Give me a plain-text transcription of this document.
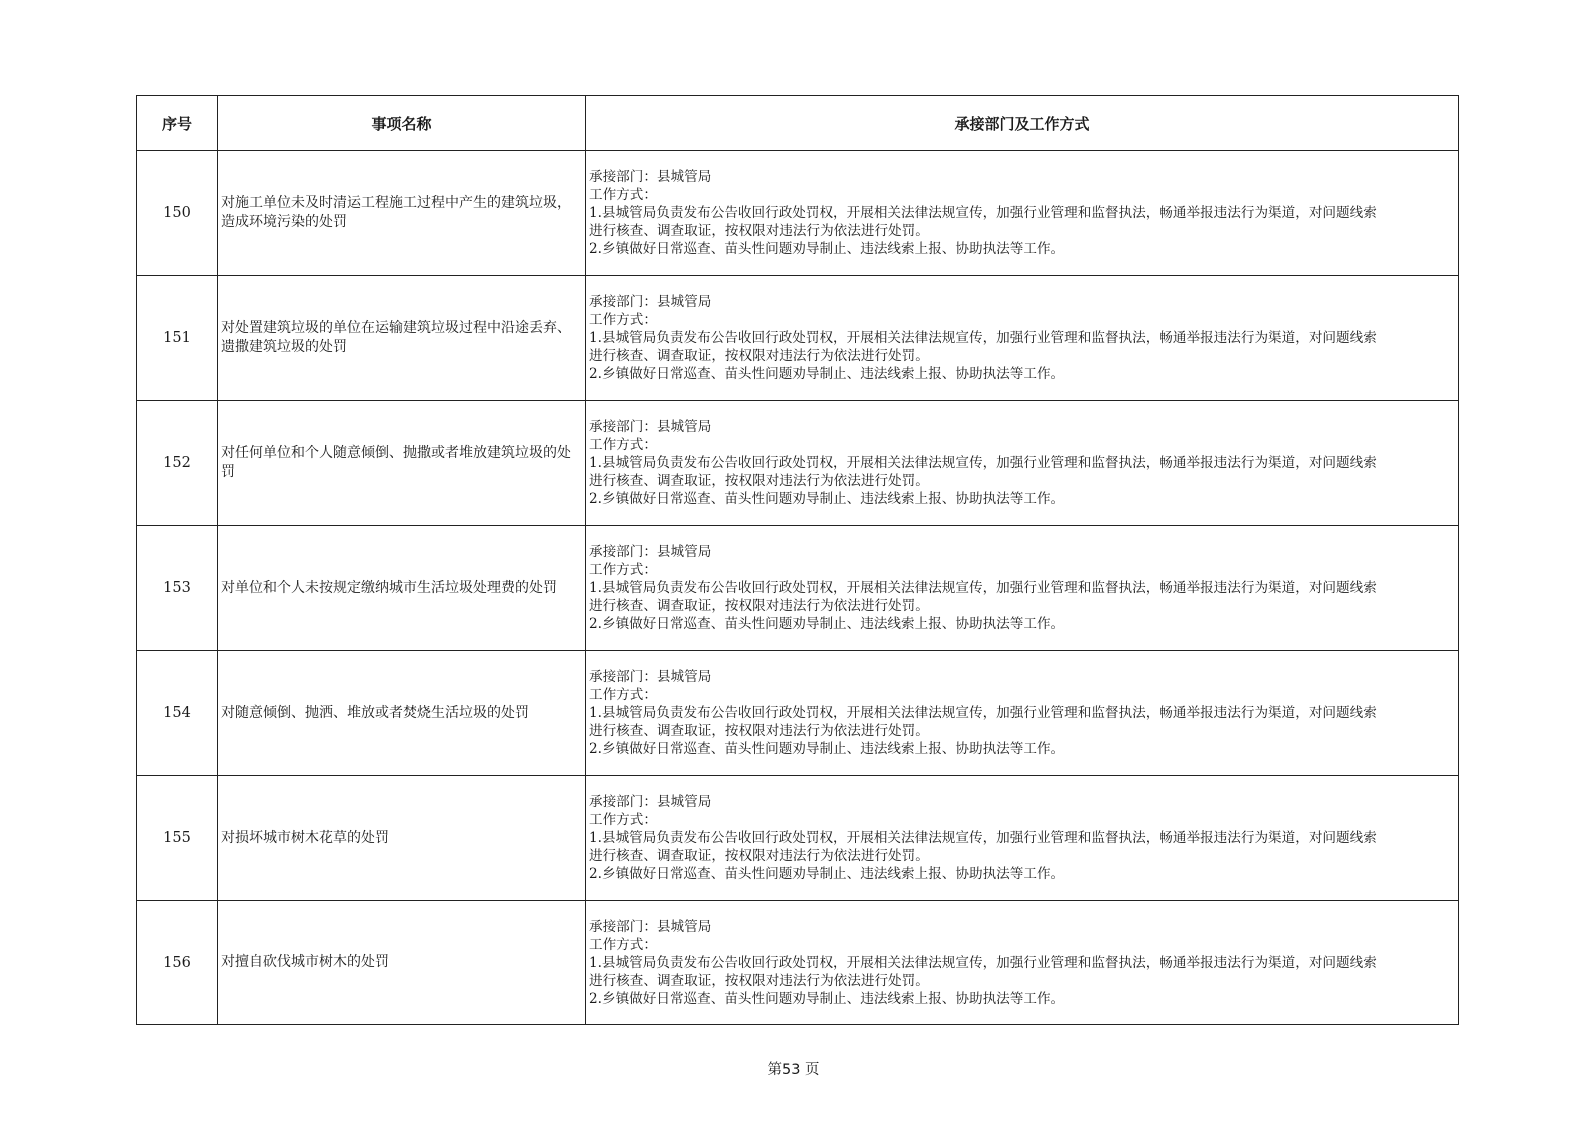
序号	事项名称	承接部门及工作方式
150	对施工单位未及时清运工程施工过程中产生的建筑垃圾，造成环境污染的处罚	承接部门：县城管局
工作方式：
1.县城管局负责发布公告收回行政处罚权，开展相关法律法规宣传，加强行业管理和监督执法，畅通举报违法行为渠道，对问题线索
进行核查、调查取证，按权限对违法行为依法进行处罚。
2.乡镇做好日常巡查、苗头性问题劝导制止、违法线索上报、协助执法等工作。

151	对处置建筑垃圾的单位在运输建筑垃圾过程中沿途丢弃、遗撒建筑垃圾的处罚	承接部门：县城管局
工作方式：
1.县城管局负责发布公告收回行政处罚权，开展相关法律法规宣传，加强行业管理和监督执法，畅通举报违法行为渠道，对问题线索
进行核查、调查取证，按权限对违法行为依法进行处罚。
2.乡镇做好日常巡查、苗头性问题劝导制止、违法线索上报、协助执法等工作。

152	对任何单位和个人随意倾倒、抛撒或者堆放建筑垃圾的处罚	承接部门：县城管局
工作方式：
1.县城管局负责发布公告收回行政处罚权，开展相关法律法规宣传，加强行业管理和监督执法，畅通举报违法行为渠道，对问题线索
进行核查、调查取证，按权限对违法行为依法进行处罚。
2.乡镇做好日常巡查、苗头性问题劝导制止、违法线索上报、协助执法等工作。

153	对单位和个人未按规定缴纳城市生活垃圾处理费的处罚	承接部门：县城管局
工作方式：
1.县城管局负责发布公告收回行政处罚权，开展相关法律法规宣传，加强行业管理和监督执法，畅通举报违法行为渠道，对问题线索
进行核查、调查取证，按权限对违法行为依法进行处罚。
2.乡镇做好日常巡查、苗头性问题劝导制止、违法线索上报、协助执法等工作。

154	对随意倾倒、抛洒、堆放或者焚烧生活垃圾的处罚	承接部门：县城管局
工作方式：
1.县城管局负责发布公告收回行政处罚权，开展相关法律法规宣传，加强行业管理和监督执法，畅通举报违法行为渠道，对问题线索
进行核查、调查取证，按权限对违法行为依法进行处罚。
2.乡镇做好日常巡查、苗头性问题劝导制止、违法线索上报、协助执法等工作。

155	对损坏城市树木花草的处罚	承接部门：县城管局
工作方式：
1.县城管局负责发布公告收回行政处罚权，开展相关法律法规宣传，加强行业管理和监督执法，畅通举报违法行为渠道，对问题线索
进行核查、调查取证，按权限对违法行为依法进行处罚。
2.乡镇做好日常巡查、苗头性问题劝导制止、违法线索上报、协助执法等工作。

156	对擅自砍伐城市树木的处罚	承接部门：县城管局
工作方式：
1.县城管局负责发布公告收回行政处罚权，开展相关法律法规宣传，加强行业管理和监督执法，畅通举报违法行为渠道，对问题线索
进行核查、调查取证，按权限对违法行为依法进行处罚。
2.乡镇做好日常巡查、苗头性问题劝导制止、违法线索上报、协助执法等工作。
第53 页
